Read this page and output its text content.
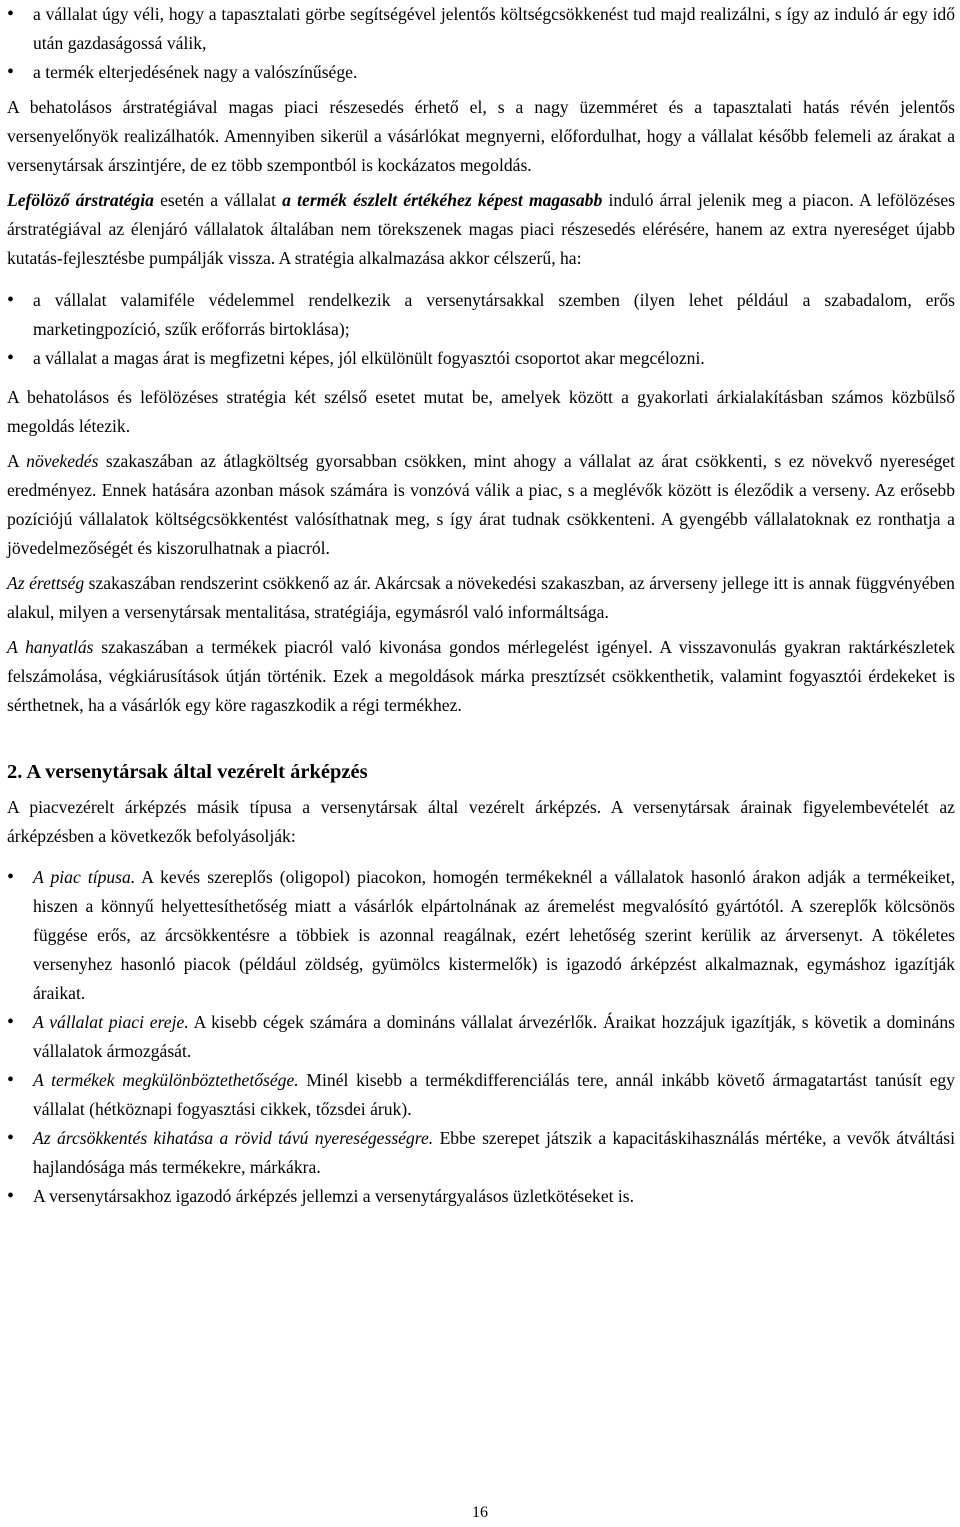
• a vállalat úgy véli, hogy a tapasztalati görbe segítségével jelentős költségcsökkenést tud majd realizálni, s így az induló ár egy idő után gazdaságossá válik,
• a termék elterjedésének nagy a valószínűsége.

A behatolásos árstratégiával magas piaci részesedés érhető el, s a nagy üzemméret és a tapasztalati hatás révén jelentős versenyelőnyök realizálhatók. Amennyiben sikerül a vásárlókat megnyerni, előfordulhat, hogy a vállalat később felemeli az árakat a versenytársak árszintjére, de ez több szempontból is kockázatos megoldás.

Lefölöző árstratégia esetén a vállalat a termék észlelt értékéhez képest magasabb induló árral jelenik meg a piacon. A lefölözéses árstratégiával az élenjáró vállalatok általában nem törekszenek magas piaci részesedés elérésére, hanem az extra nyereséget újabb kutatás-fejlesztésbe pumpálják vissza. A stratégia alkalmazása akkor célszerű, ha:

• a vállalat valamiféle védelemmel rendelkezik a versenytársakkal szemben (ilyen lehet például a szabadalom, erős marketingpozíció, szűk erőforrás birtoklása);
• a vállalat a magas árat is megfizetni képes, jól elkülönült fogyasztói csoportot akar megcélozni.

A behatolásos és lefölözéses stratégia két szélső esetet mutat be, amelyek között a gyakorlati árkialakításban számos közbülső megoldás létezik.

A növekedés szakaszában az átlagköltség gyorsabban csökken, mint ahogy a vállalat az árat csökkenti, s ez növekvő nyereséget eredményez. Ennek hatására azonban mások számára is vonzóvá válik a piac, s a meglévők között is éleződik a verseny. Az erősebb pozíciójú vállalatok költségcsökkentést valósíthatnak meg, s így árat tudnak csökkenteni. A gyengébb vállalatoknak ez ronthatja a jövedelmezőségét és kiszorulhatnak a piacról.

Az érettség szakaszában rendszerint csökkenő az ár. Akárcsak a növekedési szakaszban, az árverseny jellege itt is annak függvényében alakul, milyen a versenytársak mentalitása, stratégiája, egymásról való informáltsága.

A hanyatlás szakaszában a termékek piacról való kivonása gondos mérlegelést igényel. A visszavonulás gyakran raktárkészletek felszámolása, végkiárusítások útján történik. Ezek a megoldások márka presztízsét csökkenthetik, valamint fogyasztói érdekeket is sérthetnek, ha a vásárlók egy köre ragaszkodik a régi termékhez.

2. A versenytársak által vezérelt árképzés

A piacvezérelt árképzés másik típusa a versenytársak által vezérelt árképzés. A versenytársak árainak figyelembevételét az árképzésben a következők befolyásolják:

• A piac típusa. A kevés szereplős (oligopol) piacokon, homogén termékeknél a vállalatok hasonló árakon adják a termékeiket, hiszen a könnyű helyettesíthetőség miatt a vásárlók elpártolnának az áremelést megvalósító gyártótól. A szereplők kölcsönös függése erős, az árcsökkentésre a többiek is azonnal reagálnak, ezért lehetőség szerint kerülik az árversenyt. A tökéletes versenyhez hasonló piacok (például zöldség, gyümölcs kistermelők) is igazodó árképzést alkalmaznak, egymáshoz igazítják áraikat.
• A vállalat piaci ereje. A kisebb cégek számára a domináns vállalat árvezérlők. Áraikat hozzájuk igazítják, s követik a domináns vállalatok ármozgását.
• A termékek megkülönböztethetősége. Minél kisebb a termékdifferenciálás tere, annál inkább követő ármagatartást tanúsít egy vállalat (hétköznapi fogyasztási cikkek, tőzsdei áruk).
• Az árcsökkentés kihatása a rövid távú nyereségességre. Ebbe szerepet játszik a kapacitáskihasználás mértéke, a vevők átváltási hajlandósága más termékekre, márkákra.
• A versenytársakhoz igazodó árképzés jellemzi a versenytárgyalásos üzletkötéseket is.
16
